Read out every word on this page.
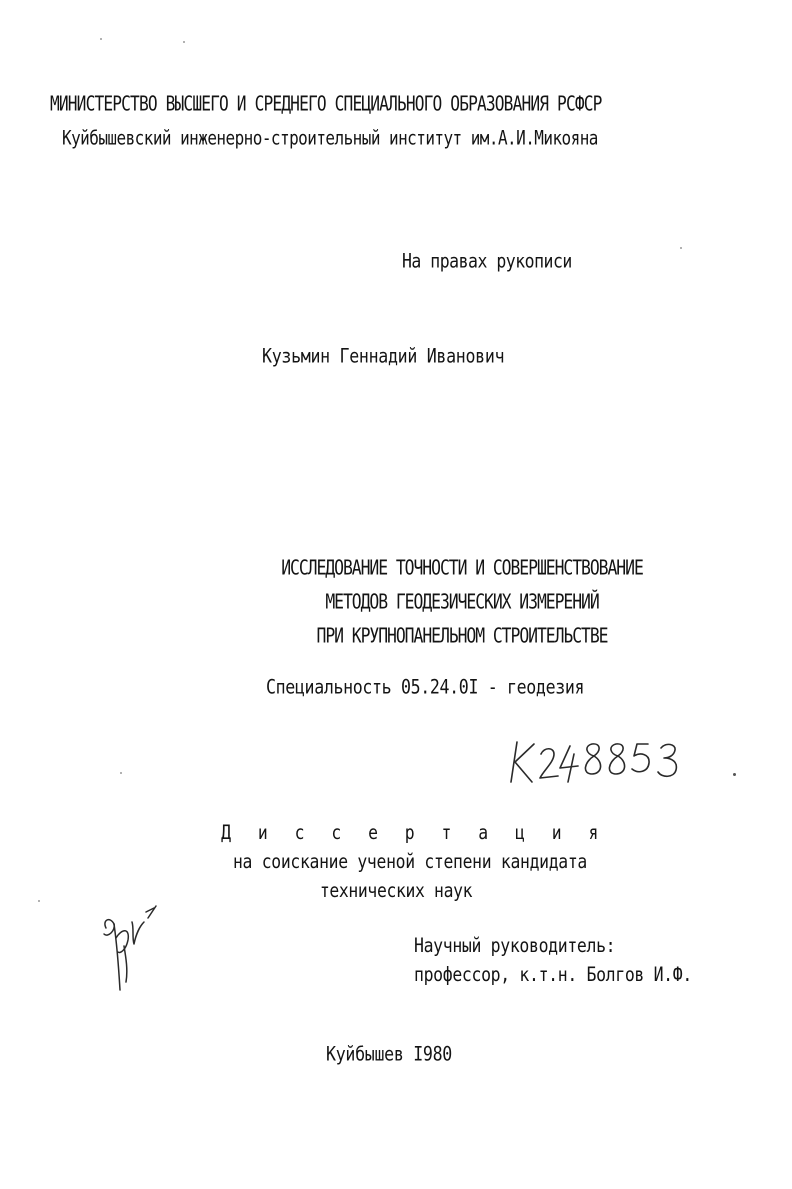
МИНИСТЕРСТВО ВЫСШЕГО И СРЕДНЕГО СПЕЦИАЛЬНОГО ОБРАЗОВАНИЯ РСФСР
Куйбышевский инженерно-строительный институт им.А.И.Микояна
На правах рукописи
Кузьмин Геннадий Иванович
ИССЛЕДОВАНИЕ ТОЧНОСТИ И СОВЕРШЕНСТВОВАНИЕ
МЕТОДОВ ГЕОДЕЗИЧЕСКИХ ИЗМЕРЕНИЙ
ПРИ КРУПНОПАНЕЛЬНОМ СТРОИТЕЛЬСТВЕ
Специальность 05.24.0I - геодезия
Д и с с е р т а ц и я
на соискание ученой степени кандидата
технических наук
Научный руководитель:
профессор, к.т.н. Болгов И.Ф.
Куйбышев I980
